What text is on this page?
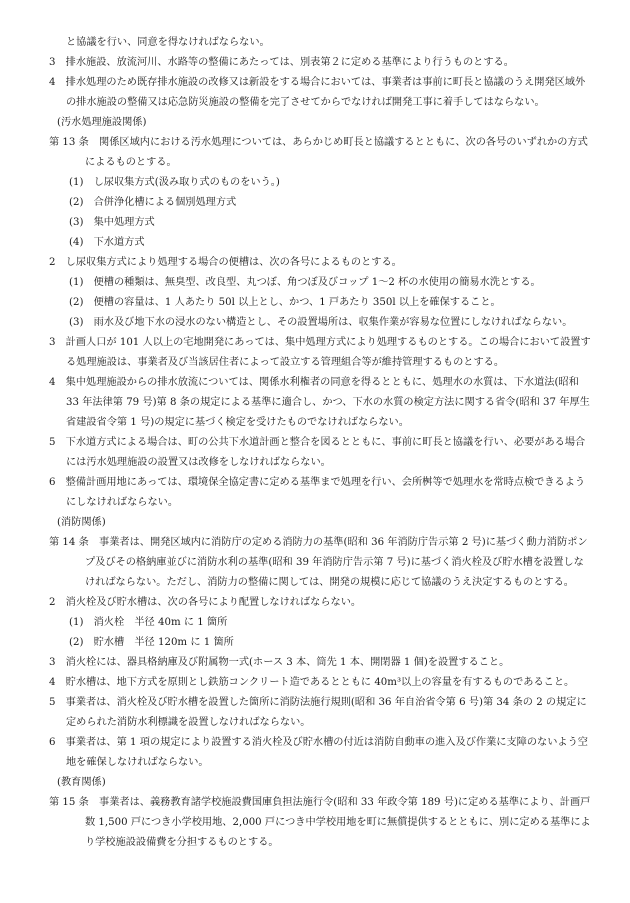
と協議を行い、同意を得なければならない。
3　排水施設、放流河川、水路等の整備にあたっては、別表第２に定める基準により行うものとする。
4　排水処理のため既存排水施設の改修又は新設をする場合においては、事業者は事前に町長と協議のうえ開発区域外の排水施設の整備又は応急防災施設の整備を完了させてからでなければ開発工事に着手してはならない。
(汚水処理施設関係)
第 13 条　関係区域内における汚水処理については、あらかじめ町長と協議するとともに、次の各号のいずれかの方式によるものとする。
(1)　し尿収集方式(汲み取り式のものをいう。)
(2)　合併浄化槽による個別処理方式
(3)　集中処理方式
(4)　下水道方式
2　し尿収集方式により処理する場合の便槽は、次の各号によるものとする。
(1)　便槽の種類は、無臭型、改良型、丸つぼ、角つぼ及びコップ 1〜2 杯の水使用の簡易水洗とする。
(2)　便槽の容量は、1 人あたり 50l 以上とし、かつ、1 戸あたり 350l 以上を確保すること。
(3)　雨水及び地下水の浸水のない構造とし、その設置場所は、収集作業が容易な位置にしなければならない。
3　計画人口が 101 人以上の宅地開発にあっては、集中処理方式により処理するものとする。この場合において設置する処理施設は、事業者及び当該居住者によって設立する管理組合等が維持管理するものとする。
4　集中処理施設からの排水放流については、関係水利権者の同意を得るとともに、処理水の水質は、下水道法(昭和 33 年法律第 79 号)第 8 条の規定による基準に適合し、かつ、下水の水質の検定方法に関する省令(昭和 37 年厚生省建設省令第 1 号)の規定に基づく検定を受けたものでなければならない。
5　下水道方式による場合は、町の公共下水道計画と整合を図るとともに、事前に町長と協議を行い、必要がある場合には汚水処理施設の設置又は改修をしなければならない。
6　整備計画用地にあっては、環境保全協定書に定める基準まで処理を行い、会所桝等で処理水を常時点検できるようにしなければならない。
(消防関係)
第 14 条　事業者は、開発区域内に消防庁の定める消防力の基準(昭和 36 年消防庁告示第 2 号)に基づく動力消防ポンプ及びその格納庫並びに消防水利の基準(昭和 39 年消防庁告示第 7 号)に基づく消火栓及び貯水槽を設置しなければならない。ただし、消防力の整備に関しては、開発の規模に応じて協議のうえ決定するものとする。
2　消火栓及び貯水槽は、次の各号により配置しなければならない。
(1)　消火栓　半径 40m に 1 箇所
(2)　貯水槽　半径 120m に 1 箇所
3　消火栓には、器具格納庫及び附属物一式(ホース 3 本、筒先 1 本、開閉器 1 個)を設置すること。
4　貯水槽は、地下方式を原則とし鉄筋コンクリート造であるとともに 40m³以上の容量を有するものであること。
5　事業者は、消火栓及び貯水槽を設置した箇所に消防法施行規則(昭和 36 年自治省令第 6 号)第 34 条の 2 の規定に定められた消防水利標識を設置しなければならない。
6　事業者は、第 1 項の規定により設置する消火栓及び貯水槽の付近は消防自動車の進入及び作業に支障のないよう空地を確保しなければならない。
(教育関係)
第 15 条　事業者は、義務教育諸学校施設費国庫負担法施行令(昭和 33 年政令第 189 号)に定める基準により、計画戸数 1,500 戸につき小学校用地、2,000 戸につき中学校用地を町に無償提供するとともに、別に定める基準により学校施設設備費を分担するものとする。
